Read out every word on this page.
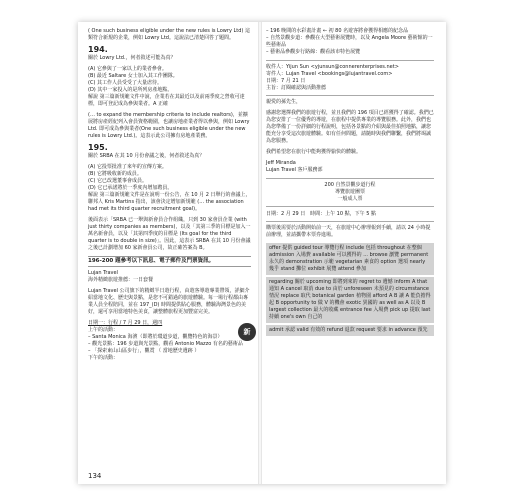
( One such business eligible under the new rules is Lowry Ltd) 這類符合新規的企業，例如 Lowry Ltd。這說法已清楚回答了題問。

194.

關於 Lowry Ltd.，何者敘述可能為真？

(A) 它參與了一家以上的業者參會。

(B) 最近 Saltare 女士加入其工作團隊。

(C) 其工作人員受受了大量虐待。

(D) 其中一家投入的是所列房產地點。

解說 第三篇新規範文件中說，企業若在其最近以及前兩季度之營收可達標，即可登記成為參與業者。A 正確

(… to expand the membership criteria to include realtors)，並擴展將房產經紀列入會員資格範圍，也讓房地產業者得以參與，例如 Lowry Ltd. 即可成為參與業者(One such business eligible under the new rules is Lowry Ltd.)。這表示此公司擁有房地產業務。

195.

關於 SRBA 在其 10 月份會議之後，何者敘述為真？

(A) 它投票批准了來年的宣傳方案。

(B) 它將吸收新的成員。

(C) 它已改選董事會成員。

(D) 它已承諾將於一季度內增加聘員。

解說 第三篇新規範文件是在說明一份公告，在 10 月 2 日舉行的會議上，聯邦人 Kris Martins 指出，該會決定增加新規範 (… the association had met its third quarter recruitment goal)。

後面表示「SRBA 已一舉與新會員合作組織，只到 30 家會員企業 (with just thirty companies as members)，以及「其第三季的目標是加入一萬名新會員，以及「其第四季度的目標是 (Its goal for the third quarter is to double in size)」。因此，這表示 SRBA 在其 10 月份會議之後已計劃增加 60 家新會員公司，故正確答案為 B。

196-200 題參考以下訊息、電子郵件及門票資訊。

Lujan Travel

海外精緻旅遊推薦：一日套餐

Lujan Travel 公司旗下的精緻半日遊行程，由遊客導遊專業帶領，詳細介紹當地文化、歷史與景點，是您不可錯過的旅遊體驗。每一場行程都由專業人員全程陪同，並在 197_(D) 時間提供貼心服務，體驗海灣景色的美好，還可享用當地特色美食，讓整體旅程更加豐富完美。

日期一：行程 / 7 月 29 日，週四

上午的活動：

– Santa Monica 海濱（即將於環道步道，觀覽特色的海景）

– 觀光景點：196 步道與光景點，觀看 Antonio Mazzo 有名的藝術品

– 「探索東山山區步行」，觀賞 （ 當地歷史遺跡 ）

下午的活動：

新

– 196 晚間的水彩畫計畫 ← 初 80 名遊客將會獲得相應的紀念品

– 自然景觀步道：參觀在大型藝術展覽時，以及 Angela Moore 藝術館的一些藝術品

– 藝術品參觀步行路線：觀看該市特色展覽

收件人：Yijun Sun <yjunsun@connerenterprises.net>

寄件人：Lujan Travel <bookings@lujantravel.com>

日期：7 月 21 日

主旨：訂閱確認與活動推薦

親愛的孫先生，

感謝您選擇我們的旅遊行程，並且我們的 196 項目已經獲得了確認。我們已為您安排了一位優秀的導遊，在旅程中提供專業的導覽服務。此外，我們也為您準備了一份詳細的行程說明，包括各景點的介紹與最佳拍照地點，讓您能充分享受這次旅遊體驗。如有任何問題，請隨時與我們聯繫，我們將竭誠為您服務。

我們希望您在旅行中能夠獲得愉快的體驗。

Jeff Miranda

Lujan Travel 客戶服務部

200 自然景觀步道行程

導覽旅遊團票

一般成人票

日期：2 月 29 日 時間：上午 10 點，下午 5 點

購票後需要於活動開始前一天，在旅遊中心辦理報到手續，請以 24 小時提前辦理，並請攜帶本票券進場。

offer 提供 guided tour 導覽行程 include 包括 throughout 在整個 admission 入場費 available 可以獲得的 ... browse 瀏覽 permanent 永久的 demonstration 示範 vegetarian 素食的 option 選項 nearly 幾乎 stand 攤位 exhibit 展覽 attend 參加
regarding 關於 upcoming 即將到來的 regret to 遺憾 inform A that 通知 A cancel 取消 due to 由於 unforeseen 未預見的 circumstance 情況 replace 取代 botanical garden 植物園 afford A B 讓 A 能負擔得起 B opportunity to 做 V 的機會 exotic 異國的 as well as A 以及 B largest collection 最大的收藏 entrance fee 入場費 pick up 提取 last 持續 one's own 自己的
admit 承認 valid 有效的 refund 退款 request 要求 in advance 預先
134
